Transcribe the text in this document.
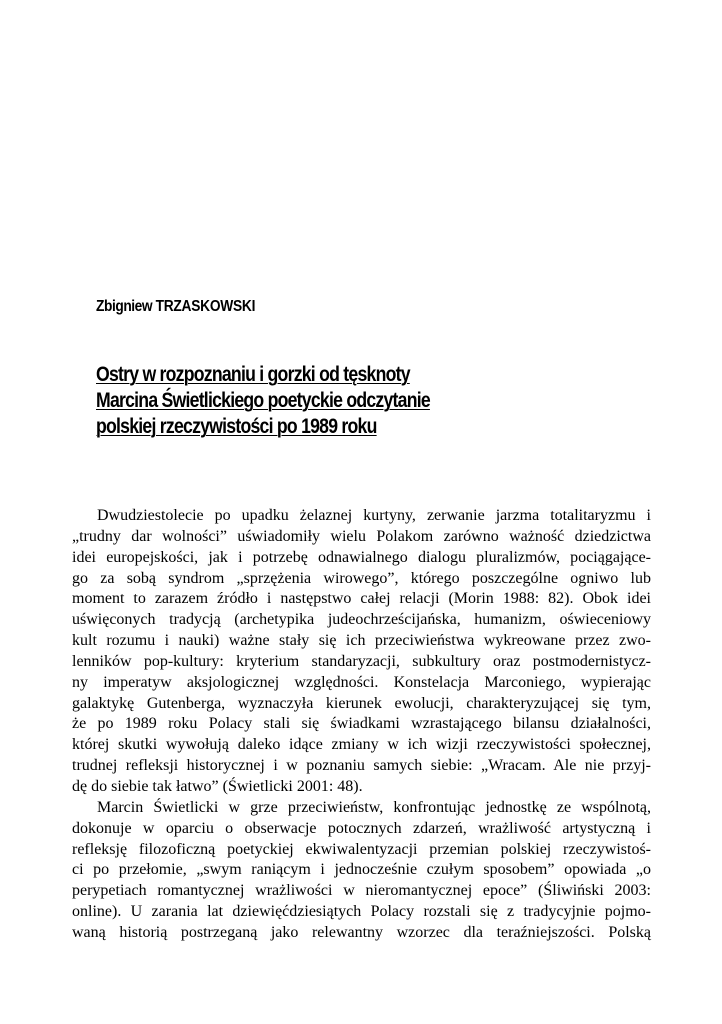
Zbigniew TRZASKOWSKI
Ostry w rozpoznaniu i gorzki od tęsknoty
Marcina Świetlickiego poetyckie odczytanie
polskiej rzeczywistości po 1989 roku
Dwudziestolecie po upadku żelaznej kurtyny, zerwanie jarzma totalitaryzmu i
„trudny dar wolności” uświadomiły wielu Polakom zarówno ważność dziedzictwa
idei europejskości, jak i potrzebę odnawialnego dialogu pluralizmów, pociągające-
go za sobą syndrom „sprzężenia wirowego”, którego poszczególne ogniwo lub
moment to zarazem źródło i następstwo całej relacji (Morin 1988: 82). Obok idei
uświęconych tradycją (archetypika judeochrześcijańska, humanizm, oświeceniowy
kult rozumu i nauki) ważne stały się ich przeciwieństwa wykreowane przez zwo-
lenników pop-kultury: kryterium standaryzacji, subkultury oraz postmodernistycz-
ny imperatyw aksjologicznej względności. Konstelacja Marconiego, wypierając
galaktykę Gutenberga, wyznaczyła kierunek ewolucji, charakteryzującej się tym,
że po 1989 roku Polacy stali się świadkami wzrastającego bilansu działalności,
której skutki wywołują daleko idące zmiany w ich wizji rzeczywistości społecznej,
trudnej refleksji historycznej i w poznaniu samych siebie: „Wracam. Ale nie przyj-
dę do siebie tak łatwo” (Świetlicki 2001: 48).
Marcin Świetlicki w grze przeciwieństw, konfrontując jednostkę ze wspólnotą,
dokonuje w oparciu o obserwacje potocznych zdarzeń, wrażliwość artystyczną i
refleksję filozoficzną poetyckiej ekwiwalentyzacji przemian polskiej rzeczywistoś-
ci po przełomie, „swym raniącym i jednocześnie czułym sposobem” opowiada „o
perypetiach romantycznej wrażliwości w nieromantycznej epoce” (Śliwiński 2003:
online). U zarania lat dziewięćdziesiątych Polacy rozstali się z tradycyjnie pojmo-
waną historią postrzeganą jako relewantny wzorzec dla teraźniejszości. Polską
